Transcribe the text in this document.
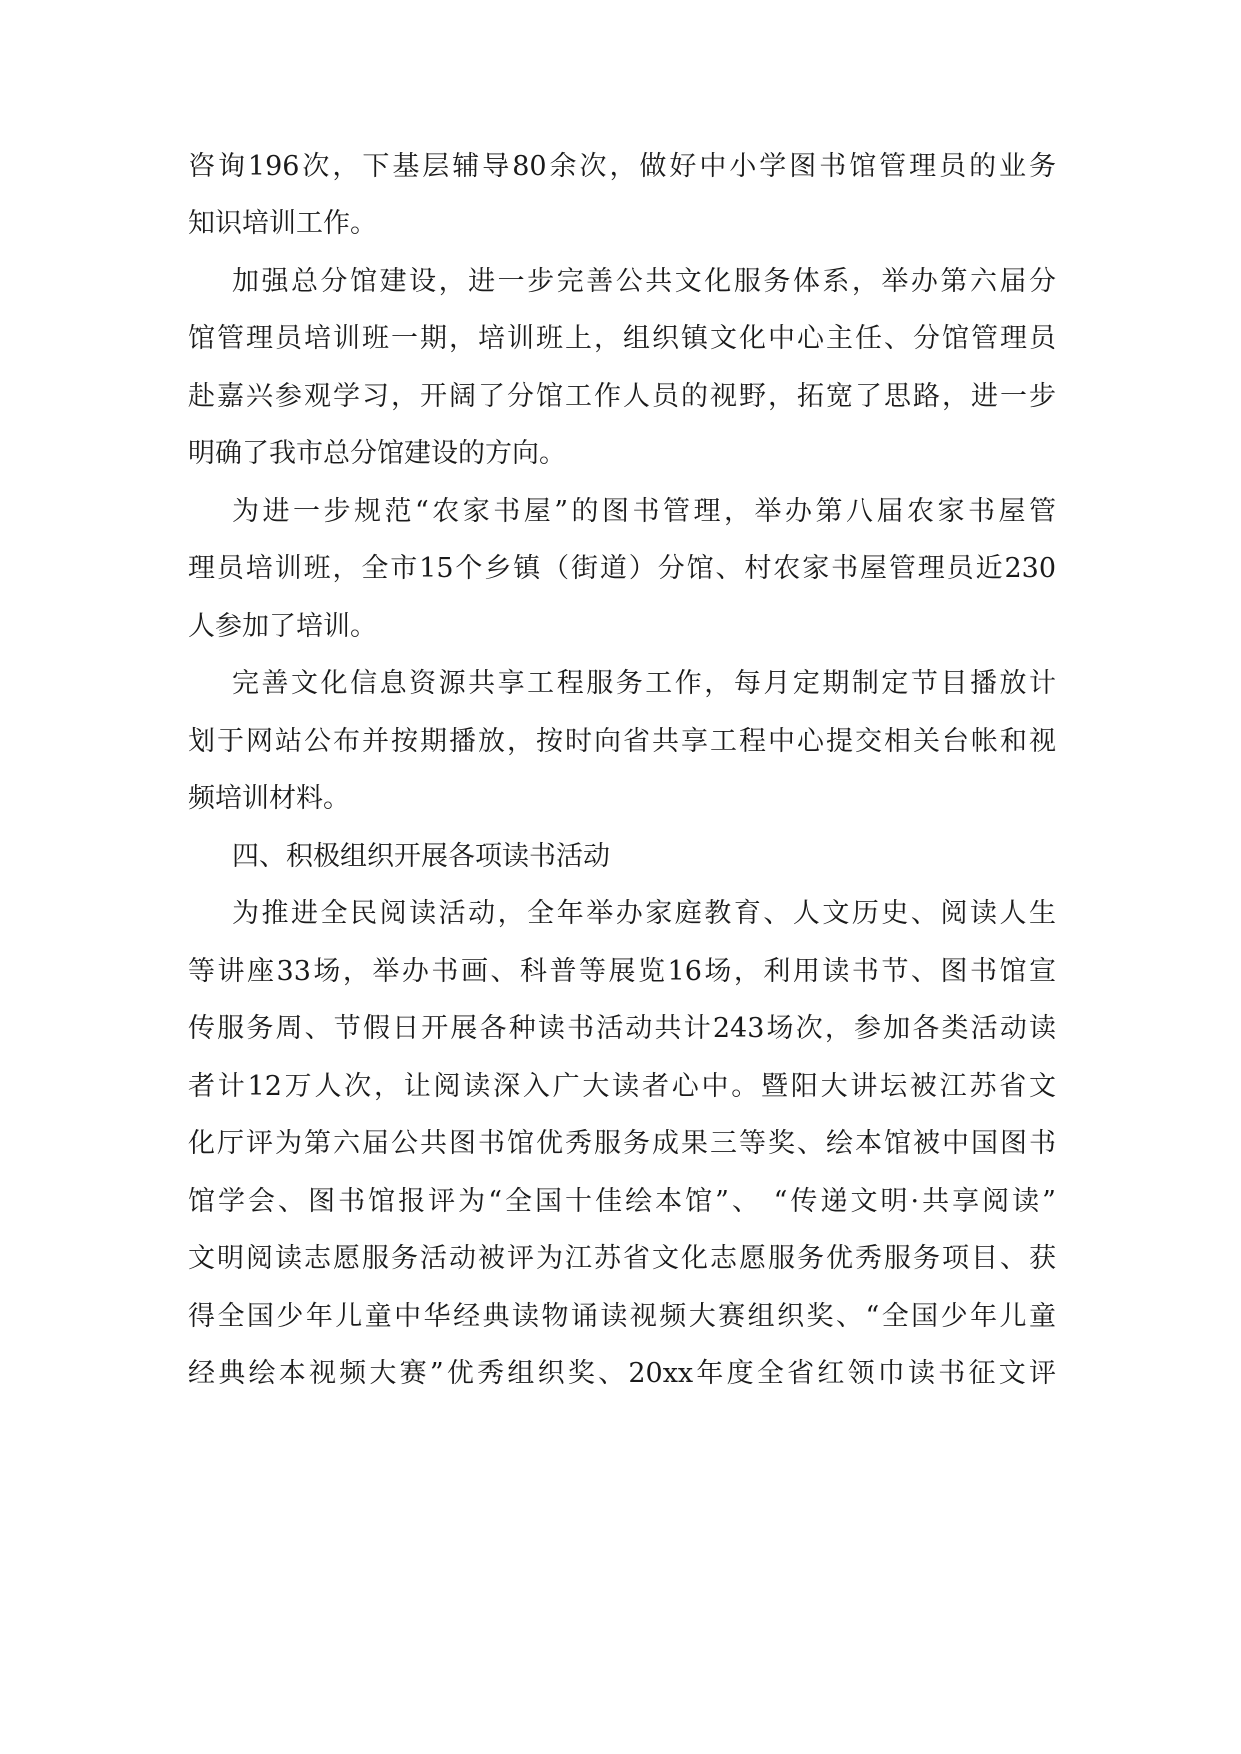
咨询196次，下基层辅导80余次，做好中小学图书馆管理员的业务
知识培训工作。
加强总分馆建设，进一步完善公共文化服务体系，举办第六届分
馆管理员培训班一期，培训班上，组织镇文化中心主任、分馆管理员
赴嘉兴参观学习，开阔了分馆工作人员的视野，拓宽了思路，进一步
明确了我市总分馆建设的方向。
为进一步规范“农家书屋”的图书管理，举办第八届农家书屋管
理员培训班，全市15个乡镇（街道）分馆、村农家书屋管理员近230
人参加了培训。
完善文化信息资源共享工程服务工作，每月定期制定节目播放计
划于网站公布并按期播放，按时向省共享工程中心提交相关台帐和视
频培训材料。
四、积极组织开展各项读书活动
为推进全民阅读活动，全年举办家庭教育、人文历史、阅读人生
等讲座33场，举办书画、科普等展览16场，利用读书节、图书馆宣
传服务周、节假日开展各种读书活动共计243场次，参加各类活动读
者计12万人次，让阅读深入广大读者心中。暨阳大讲坛被江苏省文
化厅评为第六届公共图书馆优秀服务成果三等奖、绘本馆被中国图书
馆学会、图书馆报评为“全国十佳绘本馆”、 “传递文明·共享阅读”
文明阅读志愿服务活动被评为江苏省文化志愿服务优秀服务项目、获
得全国少年儿童中华经典读物诵读视频大赛组织奖、“全国少年儿童
经典绘本视频大赛”优秀组织奖、20xx年度全省红领巾读书征文评
